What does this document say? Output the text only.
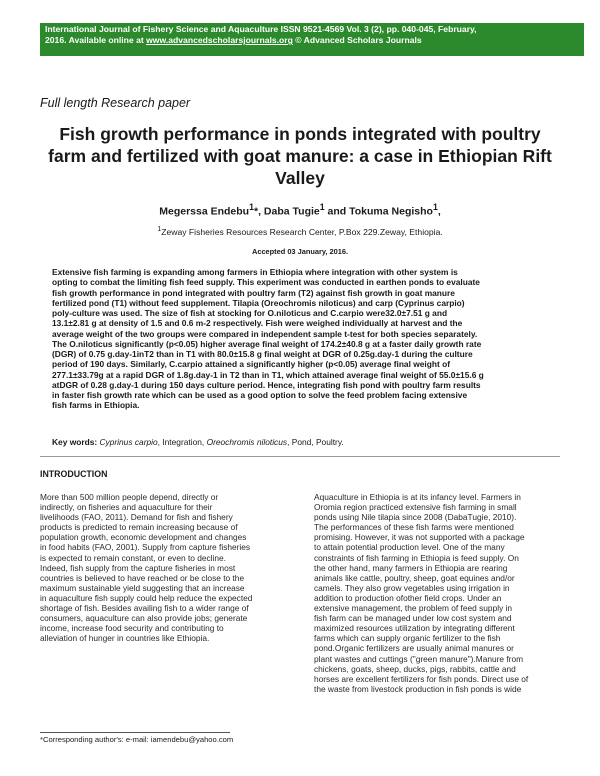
International Journal of Fishery Science and Aquaculture ISSN 9521-4569 Vol. 3 (2), pp. 040-045, February,
2016. Available online at www.advancedscholarsjournals.org © Advanced Scholars Journals
Full length Research paper
Fish growth performance in ponds integrated with poultry farm and fertilized with goat manure: a case in Ethiopian Rift Valley
Megerssa Endebu$^1$*, Daba Tugie$^1$ and Tokuma Negisho$^1$,
$^1$Zeway Fisheries Resources Research Center, P.Box 229.Zeway, Ethiopia.
Accepted 03 January, 2016.
Extensive fish farming is expanding among farmers in Ethiopia where integration with other system is
opting to combat the limiting fish feed supply. This experiment was conducted in earthen ponds to evaluate
fish growth performance in pond integrated with poultry farm (T2) against fish growth in goat manure
fertilized pond (T1) without feed supplement. Tilapia (Oreochromis niloticus) and carp (Cyprinus carpio)
poly-culture was used. The size of fish at stocking for O.niloticus and C.carpio were32.0±7.51 g and
13.1±2.81 g at density of 1.5 and 0.6 m-2 respectively. Fish were weighed individually at harvest and the
average weight of the two groups were compared in independent sample t-test for both species separately.
The O.niloticus significantly (p<0.05) higher average final weight of 174.2±40.8 g at a faster daily growth rate
(DGR) of 0.75 g.day-1inT2 than in T1 with 80.0±15.8 g final weight at DGR of 0.25g.day-1 during the culture
period of 190 days. Similarly, C.carpio attained a significantly higher (p<0.05) average final weight of
277.1±33.79g at a rapid DGR of 1.8g.day-1 in T2 than in T1, which attained average final weight of 55.0±15.6 g
atDGR of 0.28 g.day-1 during 150 days culture period. Hence, integrating fish pond with poultry farm results
in faster fish growth rate which can be used as a good option to solve the feed problem facing extensive
fish farms in Ethiopia.
Key words: Cyprinus carpio, Integration, Oreochromis niloticus, Pond, Poultry.
INTRODUCTION
More than 500 million people depend, directly or
indirectly, on fisheries and aquaculture for their
livelihoods (FAO, 2011). Demand for fish and fishery
products is predicted to remain increasing because of
population growth, economic development and changes
in food habits (FAO, 2001). Supply from capture fisheries
is expected to remain constant, or even to decline.
Indeed, fish supply from the capture fisheries in most
countries is believed to have reached or be close to the
maximum sustainable yield suggesting that an increase
in aquaculture fish supply could help reduce the expected
shortage of fish. Besides availing fish to a wider range of
consumers, aquaculture can also provide jobs; generate
income, increase food security and contributing to
alleviation of hunger in countries like Ethiopia.
Aquaculture in Ethiopia is at its infancy level. Farmers in
Oromia region practiced extensive fish farming in small
ponds using Nile tilapia since 2008 (DabaTugie, 2010).
The performances of these fish farms were mentioned
promising. However, it was not supported with a package
to attain potential production level. One of the many
constraints of fish farming in Ethiopia is feed supply. On
the other hand, many farmers in Ethiopia are rearing
animals like cattle, poultry, sheep, goat equines and/or
camels. They also grow vegetables using irrigation in
addition to production ofother field crops. Under an
extensive management, the problem of feed supply in
fish farm can be managed under low cost system and
maximized resources utilization by integrating different
farms which can supply organic fertilizer to the fish
pond.Organic fertilizers are usually animal manures or
plant wastes and cuttings ("green manure").Manure from
chickens, goats, sheep, ducks, pigs, rabbits, cattle and
horses are excellent fertilizers for fish ponds. Direct use of
the waste from livestock production in fish ponds is wide
*Corresponding author's: e-mail: iamendebu@yahoo.com
